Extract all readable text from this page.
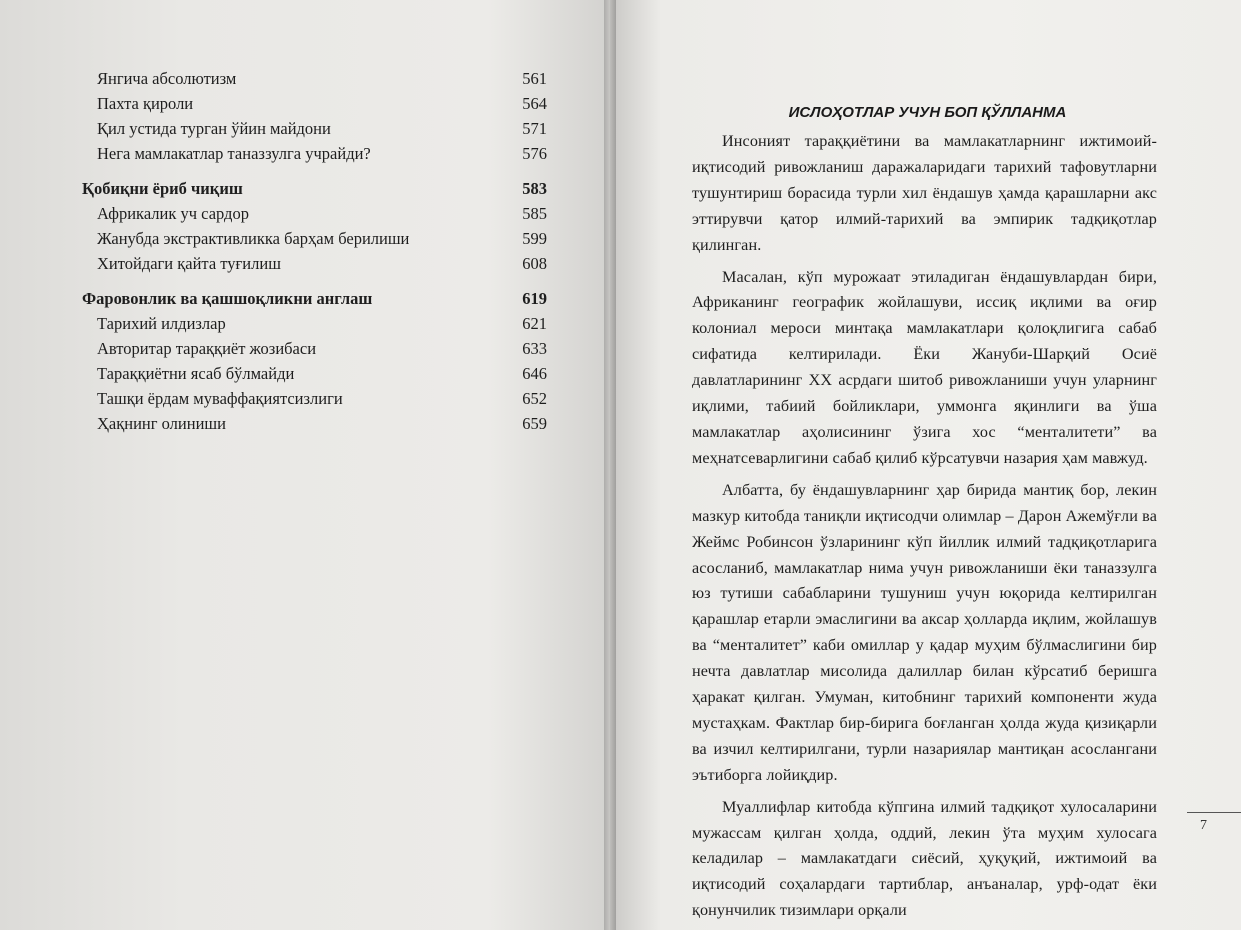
Янгича абсолютизм	561
Пахта қироли	564
Қил устида турган ўйин майдони	571
Нега мамлакатлар таназзулга учрайди?	576
Қобиқни ёриб чиқиш	583
Африкалик уч сардор	585
Жанубда экстрактивликка барҳам берилиши	599
Хитойдаги қайта туғилиш	608
Фаровонлик ва қашшоқликни англаш	619
Тарихий илдизлар	621
Авторитар тараққиёт жозибаси	633
Тараққиётни ясаб бўлмайди	646
Ташқи ёрдам муваффақиятсизлиги	652
Ҳақнинг олиниши	659
ИСЛОҲОТЛАР УЧУН БОП ҚЎЛЛАНМА

Инсоният тараққиётини ва мамлакатларнинг ижтимоий-иқтисодий ривожланиш даражаларидаги тарихий тафовутларни тушунтириш борасида турли хил ёндашув ҳамда қарашларни акс эттирувчи қатор илмий-тарихий ва эмпирик тадқиқотлар қилинган.

Масалан, кўп мурожаат этиладиган ёндашувлардан бири, Африканинг географик жойлашуви, иссиқ иқлими ва оғир колониал мероси минтақа мамлакатлари қолоқлигига сабаб сифатида келтирилади. Ёки Жануби-Шарқий Осиё давлатларининг ХХ асрдаги шитоб ривожланиши учун уларнинг иқлими, табиий бойликлари, уммонга яқинлиги ва ўша мамлакатлар аҳолисининг ўзига хос “менталитети” ва меҳнатсеварлигини сабаб қилиб кўрсатувчи назария ҳам мавжуд.

Албатта, бу ёндашувларнинг ҳар бирида мантиқ бор, лекин мазкур китобда таниқли иқтисодчи олимлар – Дарон Ажемўғли ва Жеймс Робинсон ўзларининг кўп йиллик илмий тадқиқотларига асосланиб, мамлакатлар нима учун ривожланиши ёки таназзулга юз тутиши сабабларини тушуниш учун юқорида келтирилган қарашлар етарли эмаслигини ва аксар ҳолларда иқлим, жойлашув ва “менталитет” каби омиллар у қадар муҳим бўлмаслигини бир нечта давлатлар мисолида далиллар билан кўрсатиб беришга ҳаракат қилган. Умуман, китобнинг тарихий компоненти жуда мустаҳкам. Фактлар бир-бирига боғланган ҳолда жуда қизиқарли ва изчил келтирилгани, турли назариялар мантиқан асослангани эътиборга лойиқдир.

Муаллифлар китобда кўпгина илмий тадқиқот хулосаларини мужассам қилган ҳолда, оддий, лекин ўта муҳим хулосага келадилар – мамлакатдаги сиёсий, ҳуқуқий, ижтимоий ва иқтисодий соҳалардаги тартиблар, анъаналар, урф-одат ёки қонунчилик тизимлари орқали

7
